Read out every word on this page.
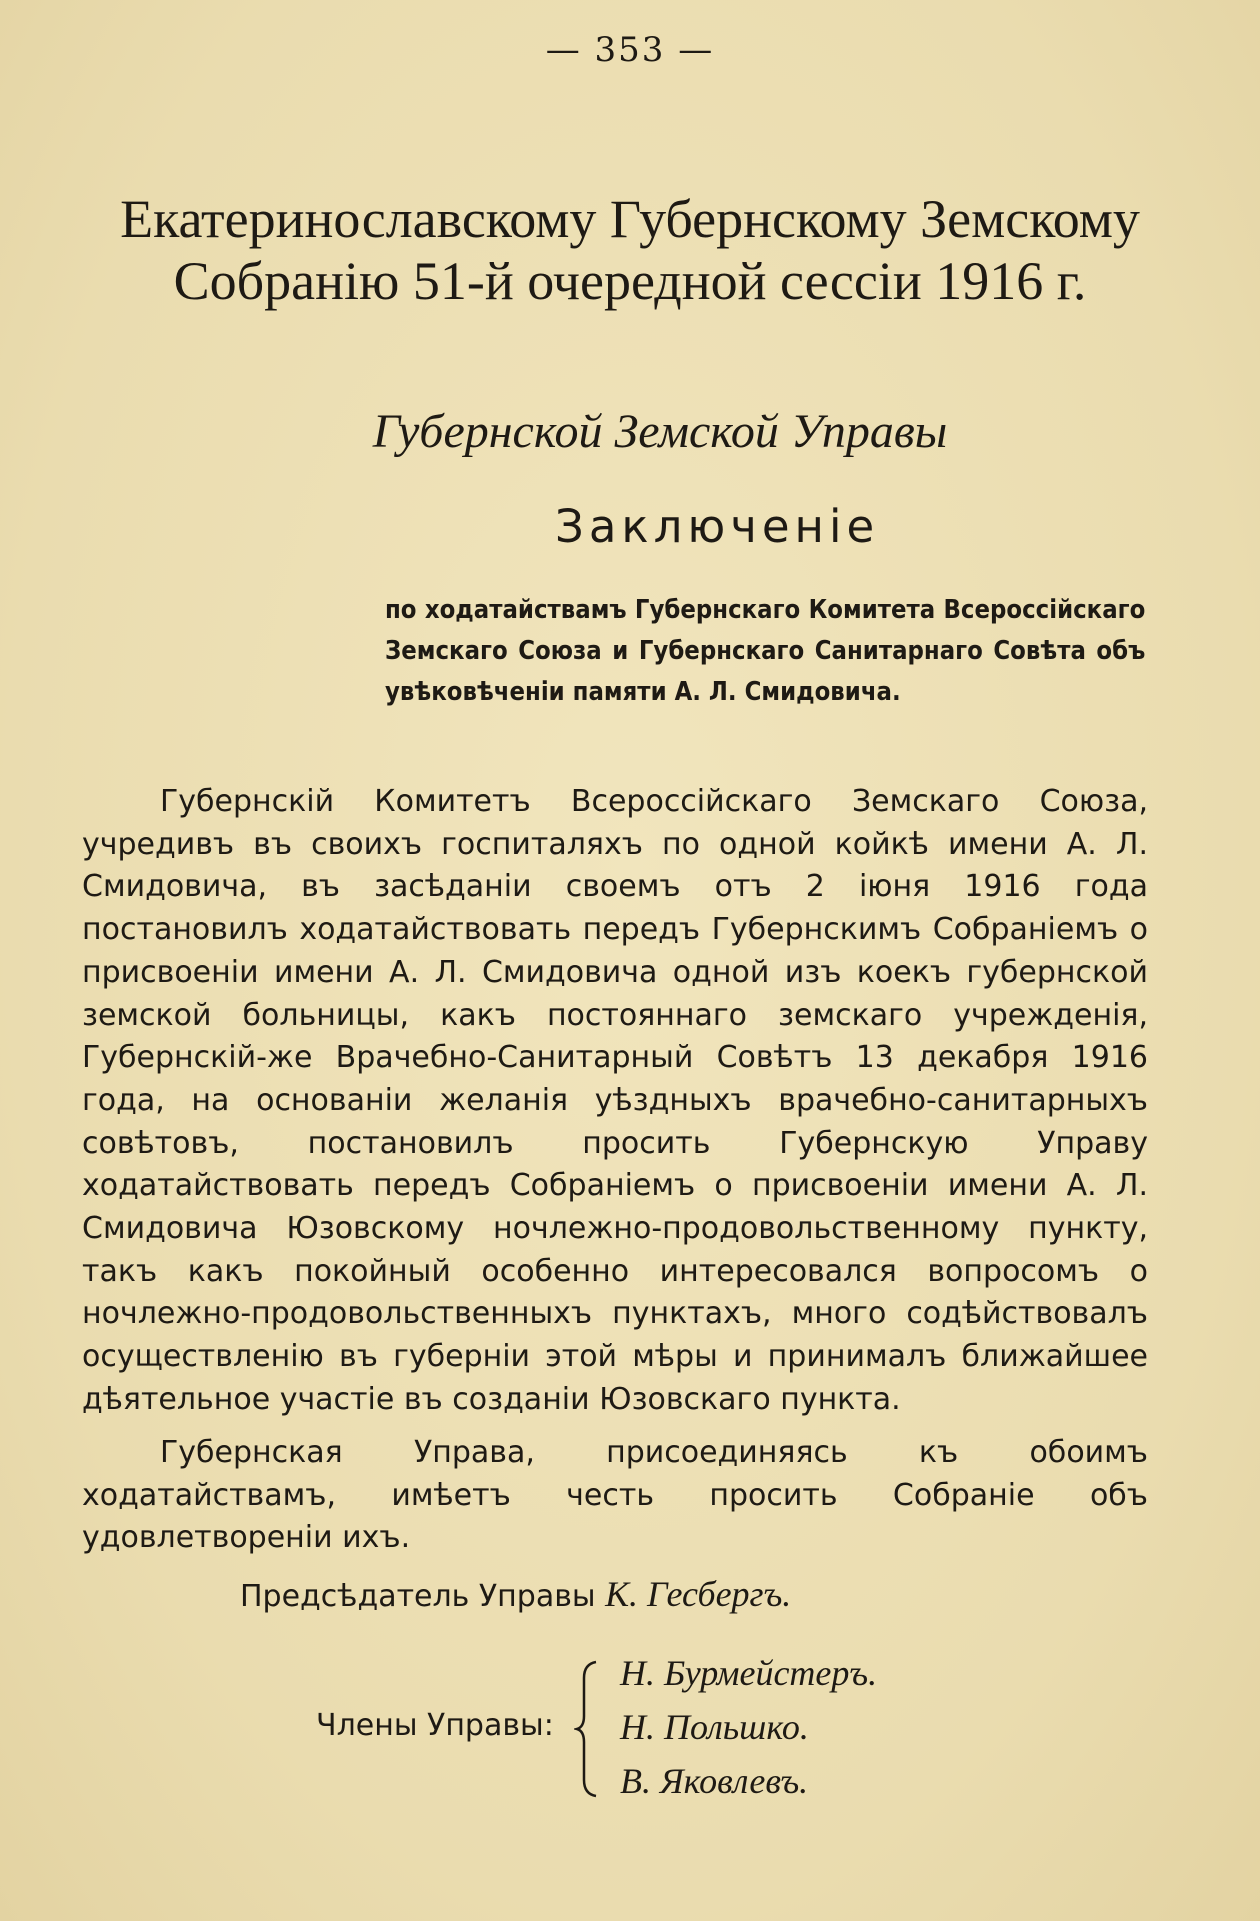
— 353 —
Екатеринославскому Губернскому Земскому
Собранію 51-й очередной сессіи 1916 г.
Губернской Земской Управы
Заключеніе
по ходатайствамъ Губернскаго Комитета Всероссійскаго Земскаго Союза и Губернскаго Санитарнаго Совѣта объ увѣковѣченіи памяти А. Л. Смидовича.
Губернскій Комитетъ Всероссійскаго Земскаго Союза, учредивъ въ своихъ госпиталяхъ по одной койкѣ имени А. Л. Смидовича, въ засѣданіи своемъ отъ 2 іюня 1916 года постановилъ ходатайствовать передъ Губернскимъ Собраніемъ о присвоеніи имени А. Л. Смидовича одной изъ коекъ губернской земской больницы, какъ постояннаго земскаго учрежденія, Губернскій-же Врачебно-Санитарный Совѣтъ 13 декабря 1916 года, на основаніи желанія уѣздныхъ врачебно-санитарныхъ совѣтовъ, постановилъ просить Губернскую Управу ходатайствовать передъ Собраніемъ о присвоеніи имени А. Л. Смидовича Юзовскому ночлежно-продовольственному пункту, такъ какъ покойный особенно интересовался вопросомъ о ночлежно-продовольственныхъ пунктахъ, много содѣйствовалъ осуществленію въ губерніи этой мѣры и принималъ ближайшее дѣятельное участіе въ созданіи Юзовскаго пункта.
Губернская Управа, присоединяясь къ обоимъ ходатайствамъ, имѣетъ честь просить Собраніе объ удовлетвореніи ихъ.
Предсѣдатель Управы К. Гесбергъ.
Члены Управы:
Н. Бурмейстеръ.
Н. Польшко.
В. Яковлевъ.
